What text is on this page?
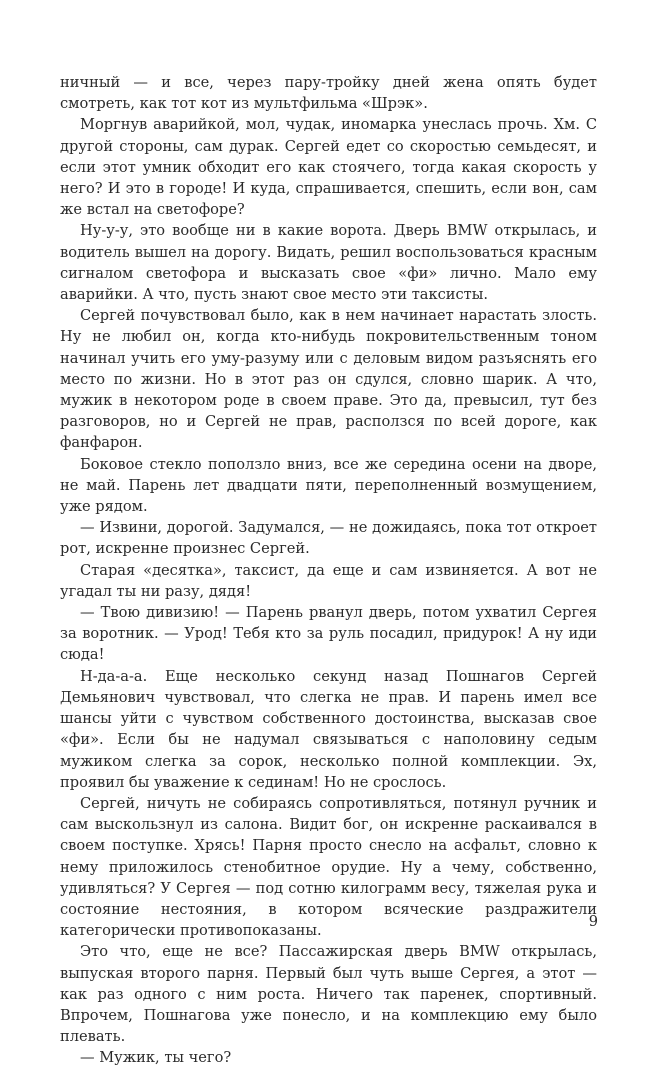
ничный — и все, через пару-тройку дней жена опять будет смотреть, как тот кот из мультфильма «Шрэк».

Моргнув аварийкой, мол, чудак, иномарка унеслась прочь. Хм. С другой стороны, сам дурак. Сергей едет со скоростью семьдесят, и если этот умник обходит его как стоячего, тогда какая скорость у него? И это в городе! И куда, спрашивается, спешить, если вон, сам же встал на светофоре?

Ну-у-у, это вообще ни в какие ворота. Дверь BMW открылась, и водитель вышел на дорогу. Видать, решил воспользоваться красным сигналом светофора и высказать свое «фи» лично. Мало ему аварийки. А что, пусть знают свое место эти таксисты.

Сергей почувствовал было, как в нем начинает нарастать злость. Ну не любил он, когда кто-нибудь покровительственным тоном начинал учить его уму-разуму или с деловым видом разъяснять его место по жизни. Но в этот раз он сдулся, словно шарик. А что, мужик в некотором роде в своем праве. Это да, превысил, тут без разговоров, но и Сергей не прав, расползся по всей дороге, как фанфарон.

Боковое стекло поползло вниз, все же середина осени на дворе, не май. Парень лет двадцати пяти, переполненный возмущением, уже рядом.

— Извини, дорогой. Задумался, — не дожидаясь, пока тот откроет рот, искренне произнес Сергей.

Старая «десятка», таксист, да еще и сам извиняется. А вот не угадал ты ни разу, дядя!

— Твою дивизию! — Парень рванул дверь, потом ухватил Сергея за воротник. — Урод! Тебя кто за руль посадил, придурок! А ну иди сюда!

Н-да-а-а. Еще несколько секунд назад Пошнагов Сергей Демьянович чувствовал, что слегка не прав. И парень имел все шансы уйти с чувством собственного достоинства, высказав свое «фи». Если бы не надумал связываться с наполовину седым мужиком слегка за сорок, несколько полной комплекции. Эх, проявил бы уважение к сединам! Но не срослось.

Сергей, ничуть не собираясь сопротивляться, потянул ручник и сам выскользнул из салона. Видит бог, он искренне раскаивался в своем поступке. Хрясь! Парня просто снесло на асфальт, словно к нему приложилось стенобитное орудие. Ну а чему, собственно, удивляться? У Сергея — под сотню килограмм весу, тяжелая рука и состояние нестояния, в котором всяческие раздражители категорически противопоказаны.

Это что, еще не все? Пассажирская дверь BMW открылась, выпуская второго парня. Первый был чуть выше Сергея, а этот — как раз одного с ним роста. Ничего так паренек, спортивный. Впрочем, Пошнагова уже понесло, и на комплекцию ему было плевать.

— Мужик, ты чего?

9
